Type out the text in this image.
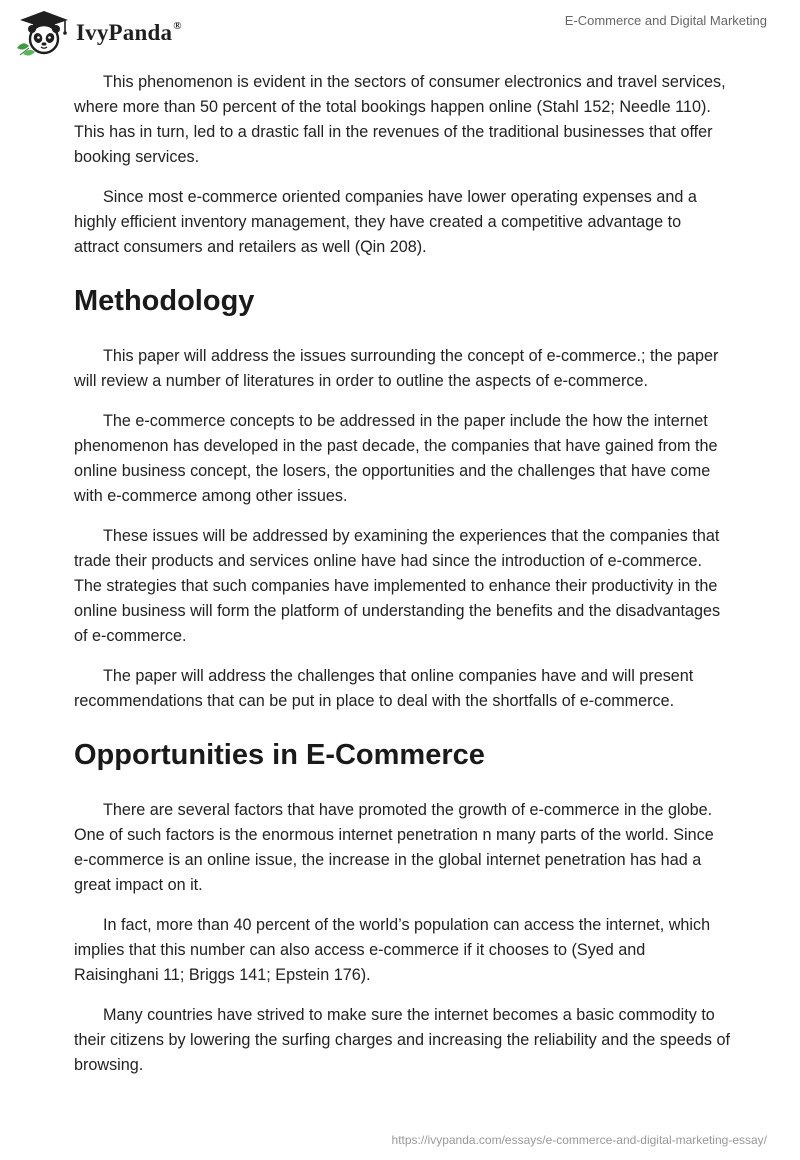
IvyPanda®	E-Commerce and Digital Marketing

This phenomenon is evident in the sectors of consumer electronics and travel services, where more than 50 percent of the total bookings happen online (Stahl 152; Needle 110). This has in turn, led to a drastic fall in the revenues of the traditional businesses that offer booking services.

Since most e-commerce oriented companies have lower operating expenses and a highly efficient inventory management, they have created a competitive advantage to attract consumers and retailers as well (Qin 208).

Methodology

This paper will address the issues surrounding the concept of e-commerce.; the paper will review a number of literatures in order to outline the aspects of e-commerce.

The e-commerce concepts to be addressed in the paper include the how the internet phenomenon has developed in the past decade, the companies that have gained from the online business concept, the losers, the opportunities and the challenges that have come with e-commerce among other issues.

These issues will be addressed by examining the experiences that the companies that trade their products and services online have had since the introduction of e-commerce. The strategies that such companies have implemented to enhance their productivity in the online business will form the platform of understanding the benefits and the disadvantages of e-commerce.

The paper will address the challenges that online companies have and will present recommendations that can be put in place to deal with the shortfalls of e-commerce.

Opportunities in E-Commerce

There are several factors that have promoted the growth of e-commerce in the globe. One of such factors is the enormous internet penetration n many parts of the world. Since e-commerce is an online issue, the increase in the global internet penetration has had a great impact on it.

In fact, more than 40 percent of the world’s population can access the internet, which implies that this number can also access e-commerce if it chooses to (Syed and Raisinghani 11; Briggs 141; Epstein 176).

Many countries have strived to make sure the internet becomes a basic commodity to their citizens by lowering the surfing charges and increasing the reliability and the speeds of browsing.

https://ivypanda.com/essays/e-commerce-and-digital-marketing-essay/
